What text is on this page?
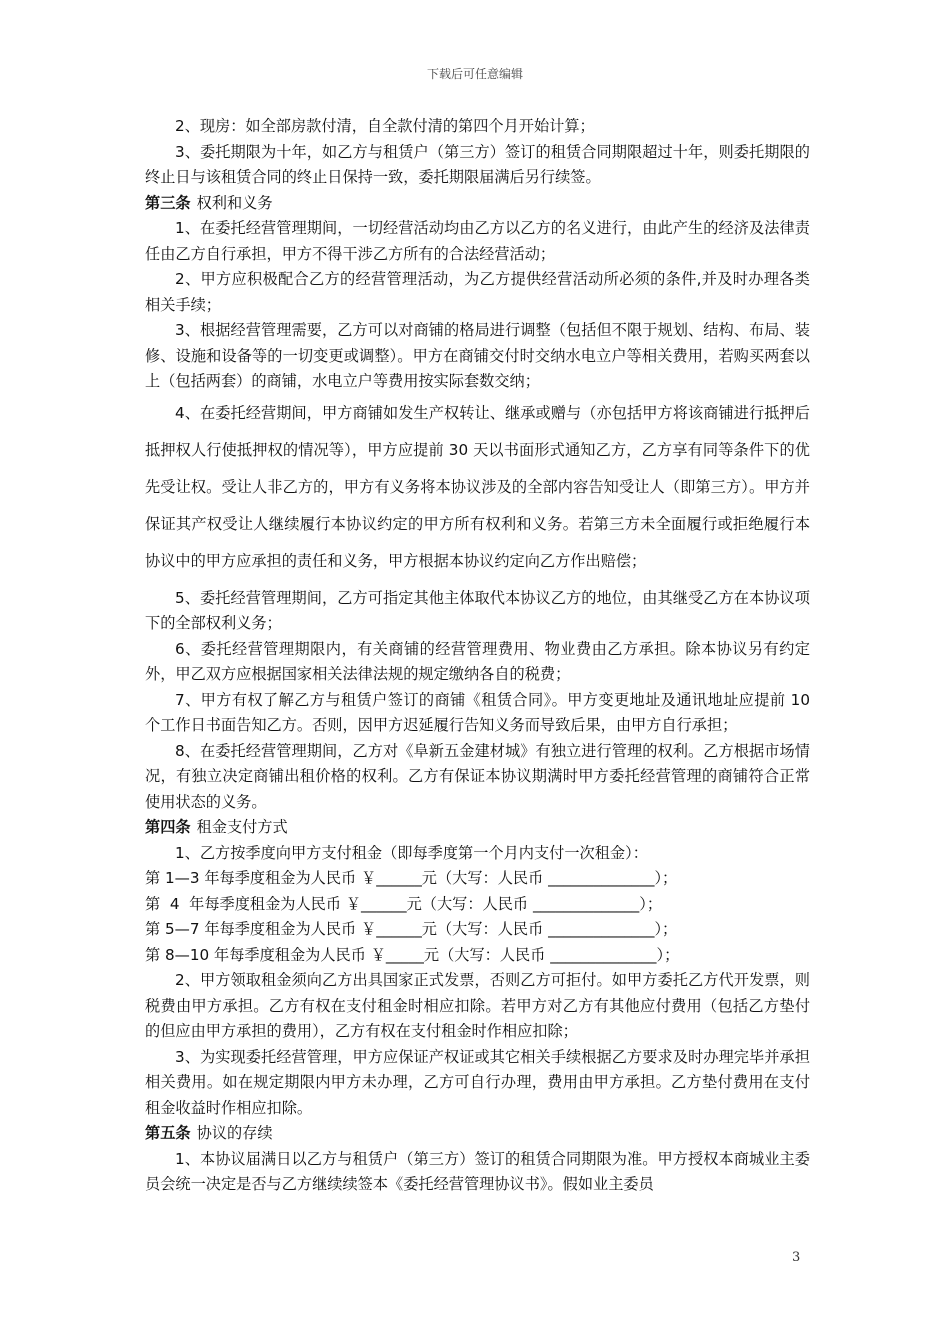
下载后可任意编辑

2、现房：如全部房款付清，自全款付清的第四个月开始计算；

3、委托期限为十年，如乙方与租赁户（第三方）签订的租赁合同期限超过十年，则委托期限的终止日与该租赁合同的终止日保持一致，委托期限届满后另行续签。

第三条 权利和义务

1、在委托经营管理期间，一切经营活动均由乙方以乙方的名义进行，由此产生的经济及法律责任由乙方自行承担，甲方不得干涉乙方所有的合法经营活动；

2、甲方应积极配合乙方的经营管理活动，为乙方提供经营活动所必须的条件,并及时办理各类相关手续；

3、根据经营管理需要，乙方可以对商铺的格局进行调整（包括但不限于规划、结构、布局、装修、设施和设备等的一切变更或调整）。甲方在商铺交付时交纳水电立户等相关费用，若购买两套以上（包括两套）的商铺，水电立户等费用按实际套数交纳；

4、在委托经营期间，甲方商铺如发生产权转让、继承或赠与（亦包括甲方将该商铺进行抵押后抵押权人行使抵押权的情况等），甲方应提前 30 天以书面形式通知乙方，乙方享有同等条件下的优先受让权。受让人非乙方的，甲方有义务将本协议涉及的全部内容告知受让人（即第三方）。甲方并保证其产权受让人继续履行本协议约定的甲方所有权利和义务。若第三方未全面履行或拒绝履行本协议中的甲方应承担的责任和义务，甲方根据本协议约定向乙方作出赔偿；

5、委托经营管理期间，乙方可指定其他主体取代本协议乙方的地位，由其继受乙方在本协议项下的全部权利义务；

6、委托经营管理期限内，有关商铺的经营管理费用、物业费由乙方承担。除本协议另有约定外，甲乙双方应根据国家相关法律法规的规定缴纳各自的税费；

7、甲方有权了解乙方与租赁户签订的商铺《租赁合同》。甲方变更地址及通讯地址应提前 10 个工作日书面告知乙方。否则，因甲方迟延履行告知义务而导致后果，由甲方自行承担；

8、在委托经营管理期间，乙方对《阜新五金建材城》有独立进行管理的权利。乙方根据市场情况，有独立决定商铺出租价格的权利。乙方有保证本协议期满时甲方委托经营管理的商铺符合正常使用状态的义务。

第四条 租金支付方式

1、乙方按季度向甲方支付租金（即每季度第一个月内支付一次租金）：

第 1—3 年每季度租金为人民币 ￥______元（大写：人民币 ______________）；

第  4  年每季度租金为人民币 ￥______元（大写：人民币 ______________）；

第 5—7 年每季度租金为人民币 ￥______元（大写：人民币 ______________）；

第 8—10 年每季度租金为人民币 ￥_____元（大写：人民币 ______________）；

2、甲方领取租金须向乙方出具国家正式发票，否则乙方可拒付。如甲方委托乙方代开发票，则税费由甲方承担。乙方有权在支付租金时相应扣除。若甲方对乙方有其他应付费用（包括乙方垫付的但应由甲方承担的费用），乙方有权在支付租金时作相应扣除；

3、为实现委托经营管理，甲方应保证产权证或其它相关手续根据乙方要求及时办理完毕并承担相关费用。如在规定期限内甲方未办理，乙方可自行办理，费用由甲方承担。乙方垫付费用在支付租金收益时作相应扣除。

第五条 协议的存续

1、本协议届满日以乙方与租赁户（第三方）签订的租赁合同期限为准。甲方授权本商城业主委员会统一决定是否与乙方继续续签本《委托经营管理协议书》。假如业主委员

3
